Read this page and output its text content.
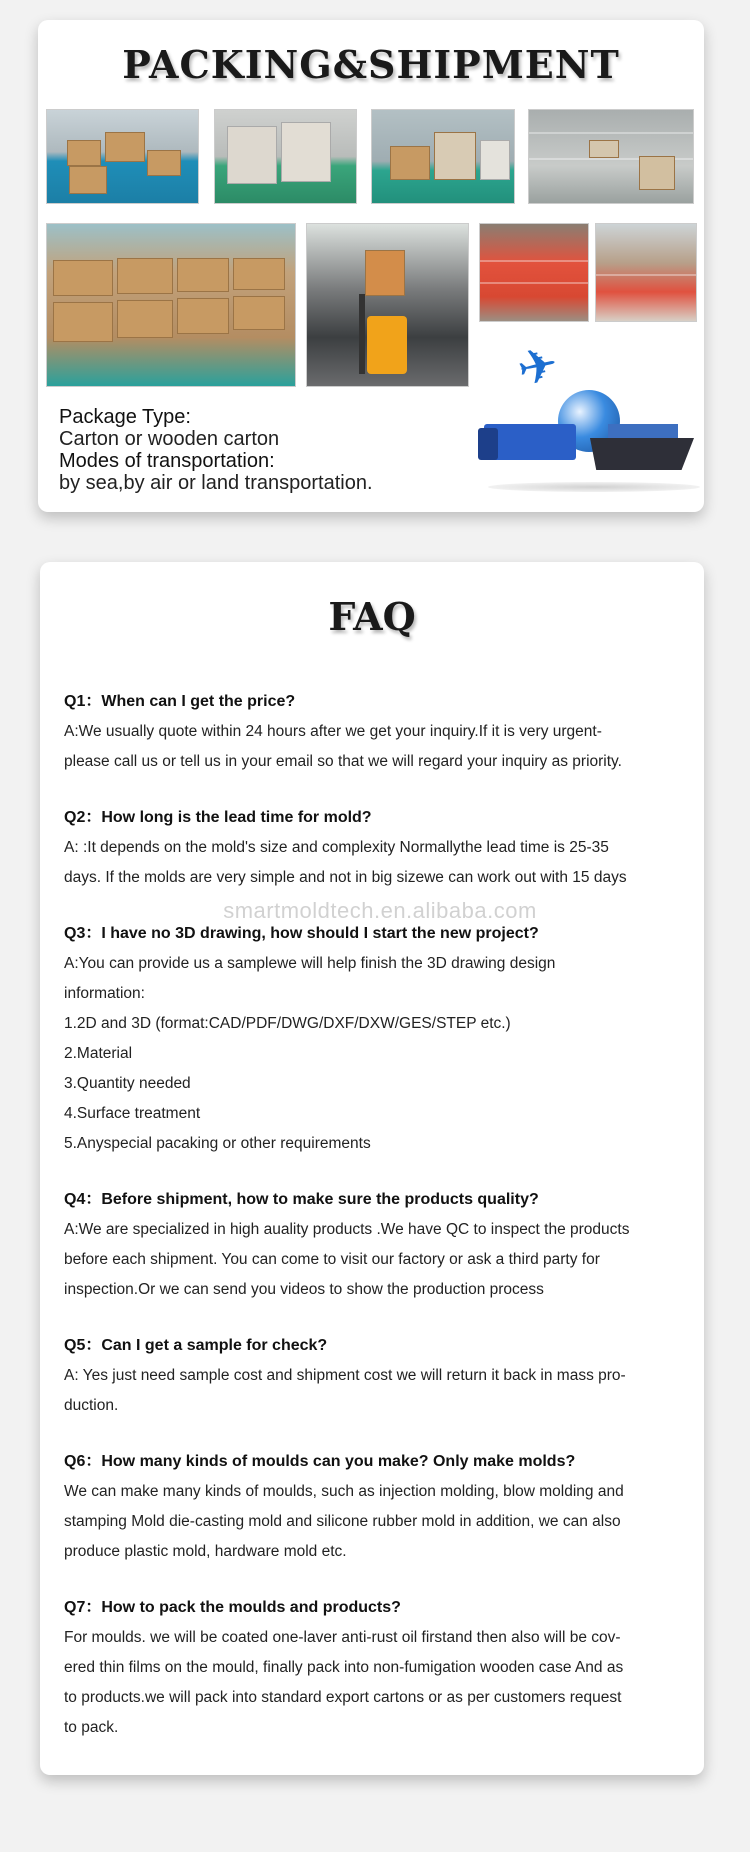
PACKING&SHIPMENT
Package Type:
Carton or wooden carton
Modes of transportation:
by sea,by air or land transportation.
✈
FAQ
Q1：When can I get the price?
A:We usually quote within 24 hours after we get your inquiry.If it is very urgent-
please call us or tell us in your email so that we will regard your inquiry as priority.
Q2：How long is the lead time for mold?
A: :It depends on the mold's size and complexity Normallythe lead time is 25-35
days. If the molds are very simple and not in big sizewe can work out with 15 days
Q3：I have no 3D drawing, how should I start the new project?
A:You can provide us a samplewe will help finish the 3D drawing design
information:
1.2D and 3D (format:CAD/PDF/DWG/DXF/DXW/GES/STEP etc.)
2.Material
3.Quantity needed
4.Surface treatment
5.Anyspecial pacaking or other requirements
Q4：Before shipment, how to make sure the products quality?
A:We are specialized in high auality products .We have QC to inspect the products
before each shipment. You can come to visit our factory or ask a third party for
inspection.Or we can send you videos to show the production process
Q5：Can I get a sample for check?
A: Yes just need sample cost and shipment cost we will return it back in mass pro-
duction.
Q6：How many kinds of moulds can you make? Only make molds?
We can make many kinds of moulds, such as injection molding, blow molding and
stamping Mold die-casting mold and silicone rubber mold in addition, we can also
produce plastic mold, hardware mold etc.
Q7：How to pack the moulds and products?
For moulds. we will be coated one-laver anti-rust oil firstand then also will be cov-
ered thin films on the mould, finally pack into non-fumigation wooden case And as
to products.we will pack into standard export cartons or as per customers request
to pack.
smartmoldtech.en.alibaba.com
